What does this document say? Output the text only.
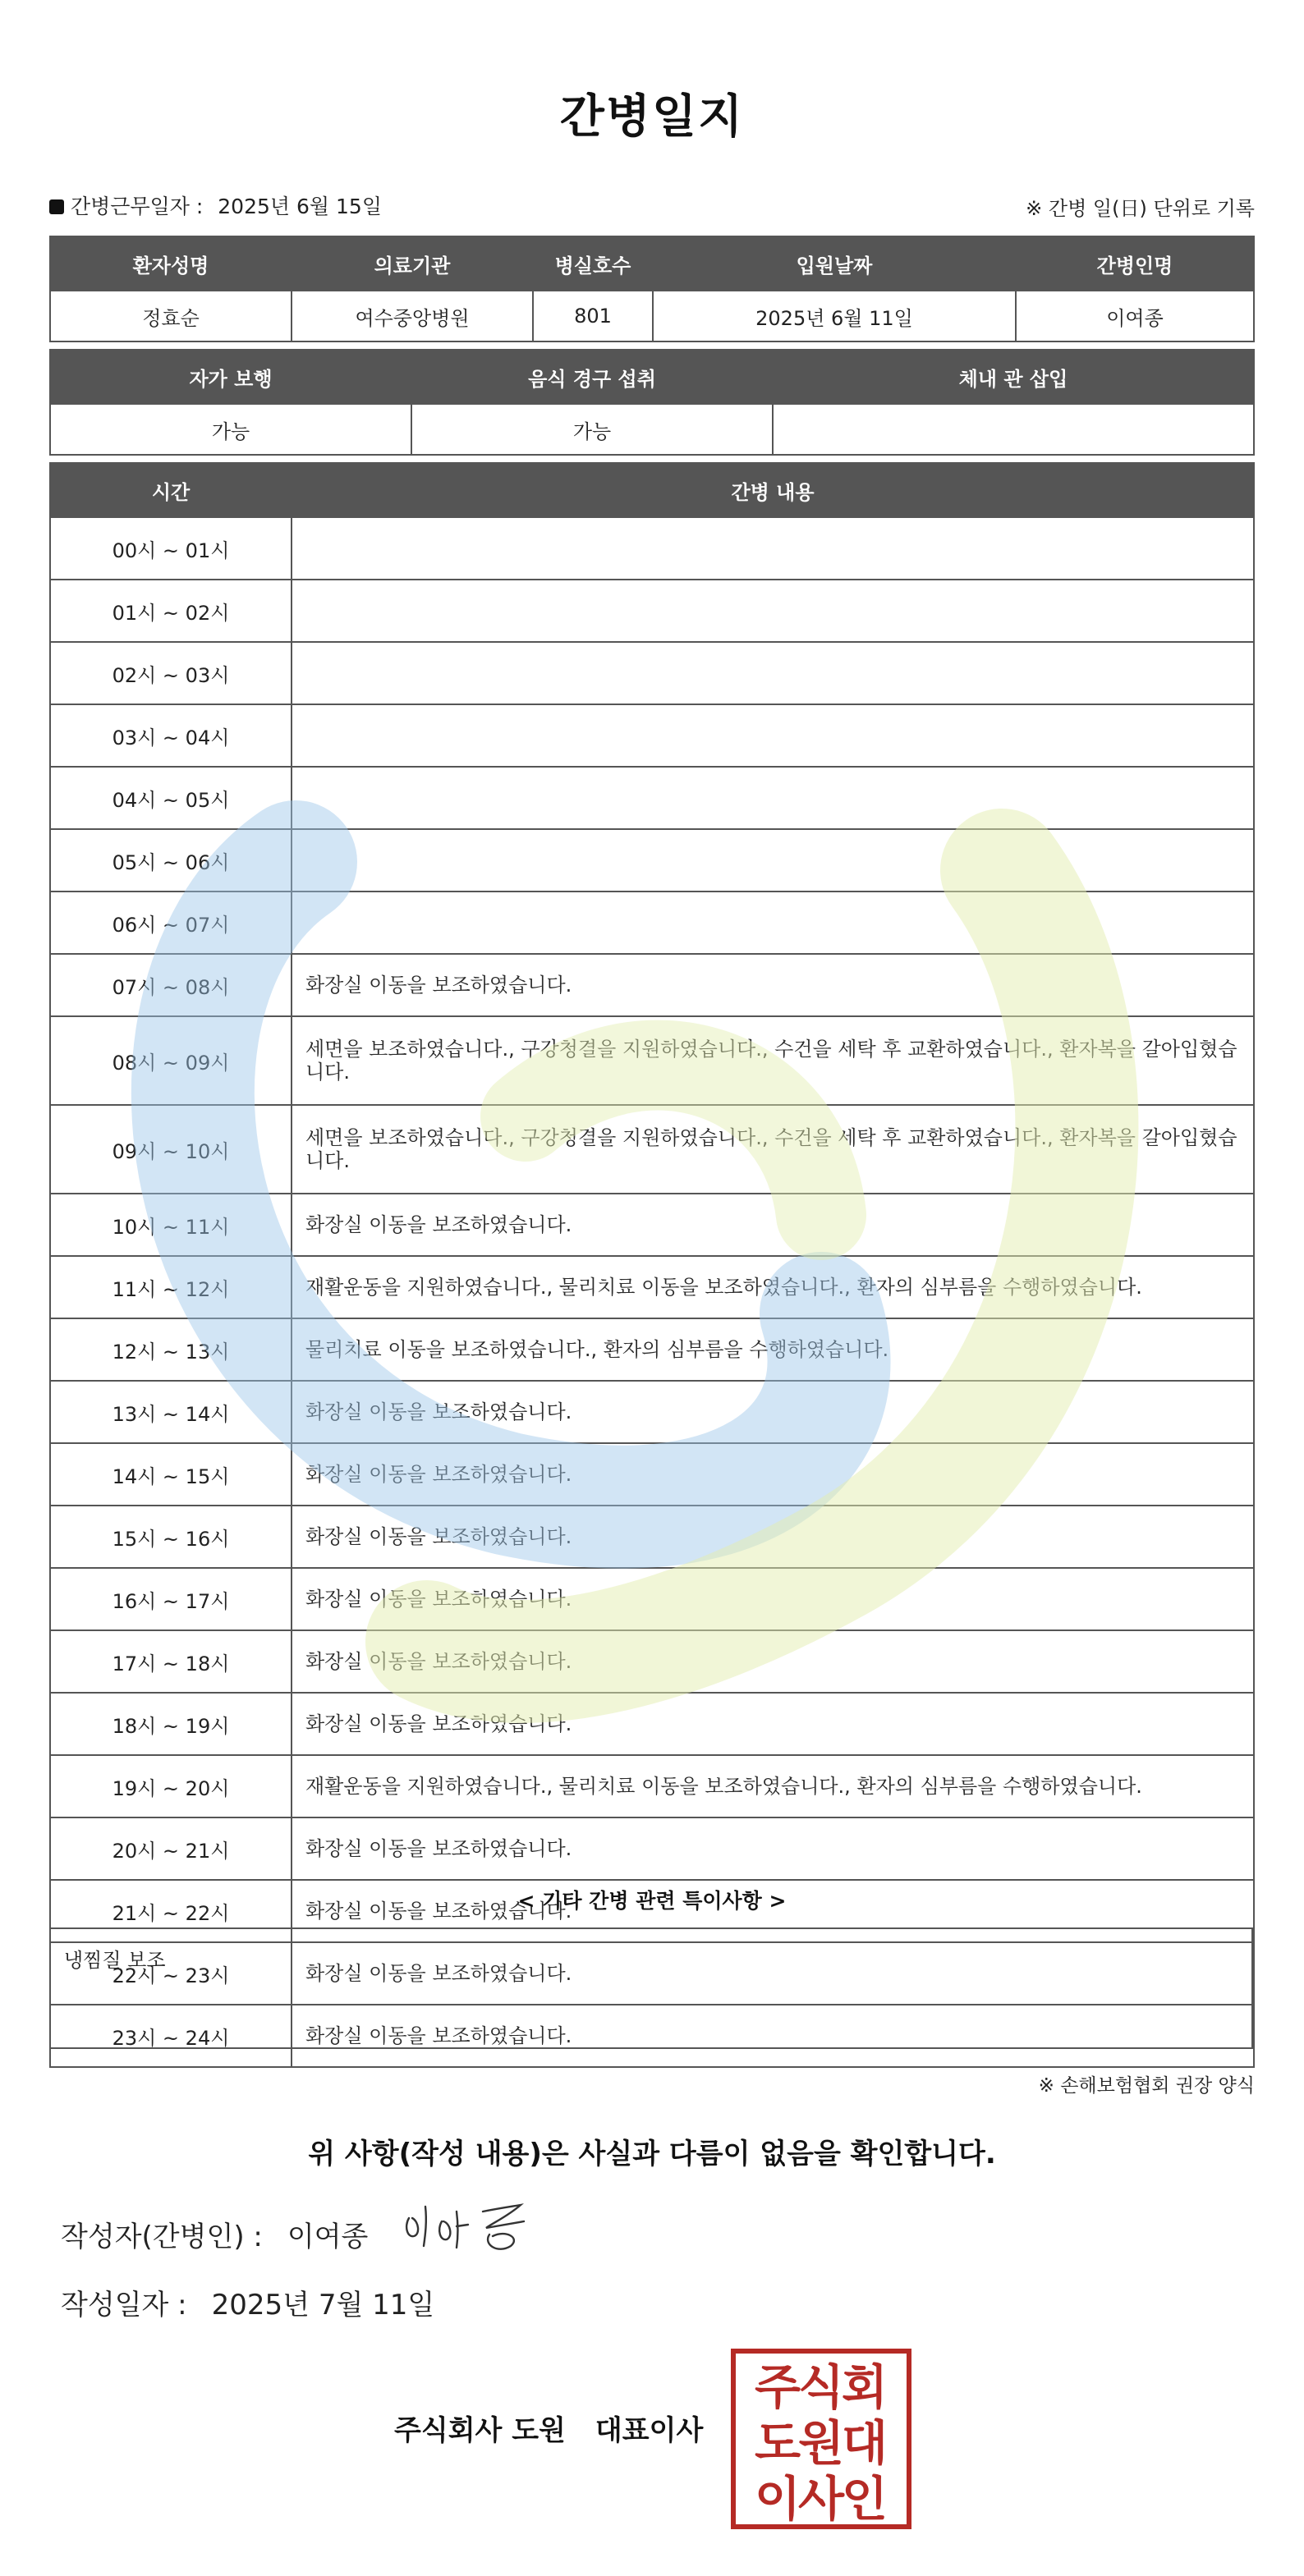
간병일지
간병근무일자 : 2025년 6월 15일	※ 간병 일(日) 단위로 기록
환자성명	의료기관	병실호수	입원날짜	간병인명
정효순	여수중앙병원	801	2025년 6월 11일	이여종
자가 보행	음식 경구 섭취	체내 관 삽입
가능	가능	
시간	간병 내용
00시 ~ 01시	
01시 ~ 02시	
02시 ~ 03시	
03시 ~ 04시	
04시 ~ 05시	
05시 ~ 06시	
06시 ~ 07시	
07시 ~ 08시	화장실 이동을 보조하였습니다.
08시 ~ 09시	세면을 보조하였습니다., 구강청결을 지원하였습니다., 수건을 세탁 후 교환하였습니다., 환자복을 갈아입혔습니다.
09시 ~ 10시	세면을 보조하였습니다., 구강청결을 지원하였습니다., 수건을 세탁 후 교환하였습니다., 환자복을 갈아입혔습니다.
10시 ~ 11시	화장실 이동을 보조하였습니다.
11시 ~ 12시	재활운동을 지원하였습니다., 물리치료 이동을 보조하였습니다., 환자의 심부름을 수행하였습니다.
12시 ~ 13시	물리치료 이동을 보조하였습니다., 환자의 심부름을 수행하였습니다.
13시 ~ 14시	화장실 이동을 보조하였습니다.
14시 ~ 15시	화장실 이동을 보조하였습니다.
15시 ~ 16시	화장실 이동을 보조하였습니다.
16시 ~ 17시	화장실 이동을 보조하였습니다.
17시 ~ 18시	화장실 이동을 보조하였습니다.
18시 ~ 19시	화장실 이동을 보조하였습니다.
19시 ~ 20시	재활운동을 지원하였습니다., 물리치료 이동을 보조하였습니다., 환자의 심부름을 수행하였습니다.
20시 ~ 21시	화장실 이동을 보조하였습니다.
21시 ~ 22시	화장실 이동을 보조하였습니다.
22시 ~ 23시	화장실 이동을 보조하였습니다.
23시 ~ 24시	화장실 이동을 보조하였습니다.
< 기타 간병 관련 특이사항 >
냉찜질 보조
※ 손해보험협회 권장 양식
위 사항(작성 내용)은 사실과 다름이 없음을 확인합니다.
작성자(간병인) : 이여종
작성일자 : 2025년 7월 11일
주식회사 도원 대표이사
주
식
회
도
원
대
이
사
인
